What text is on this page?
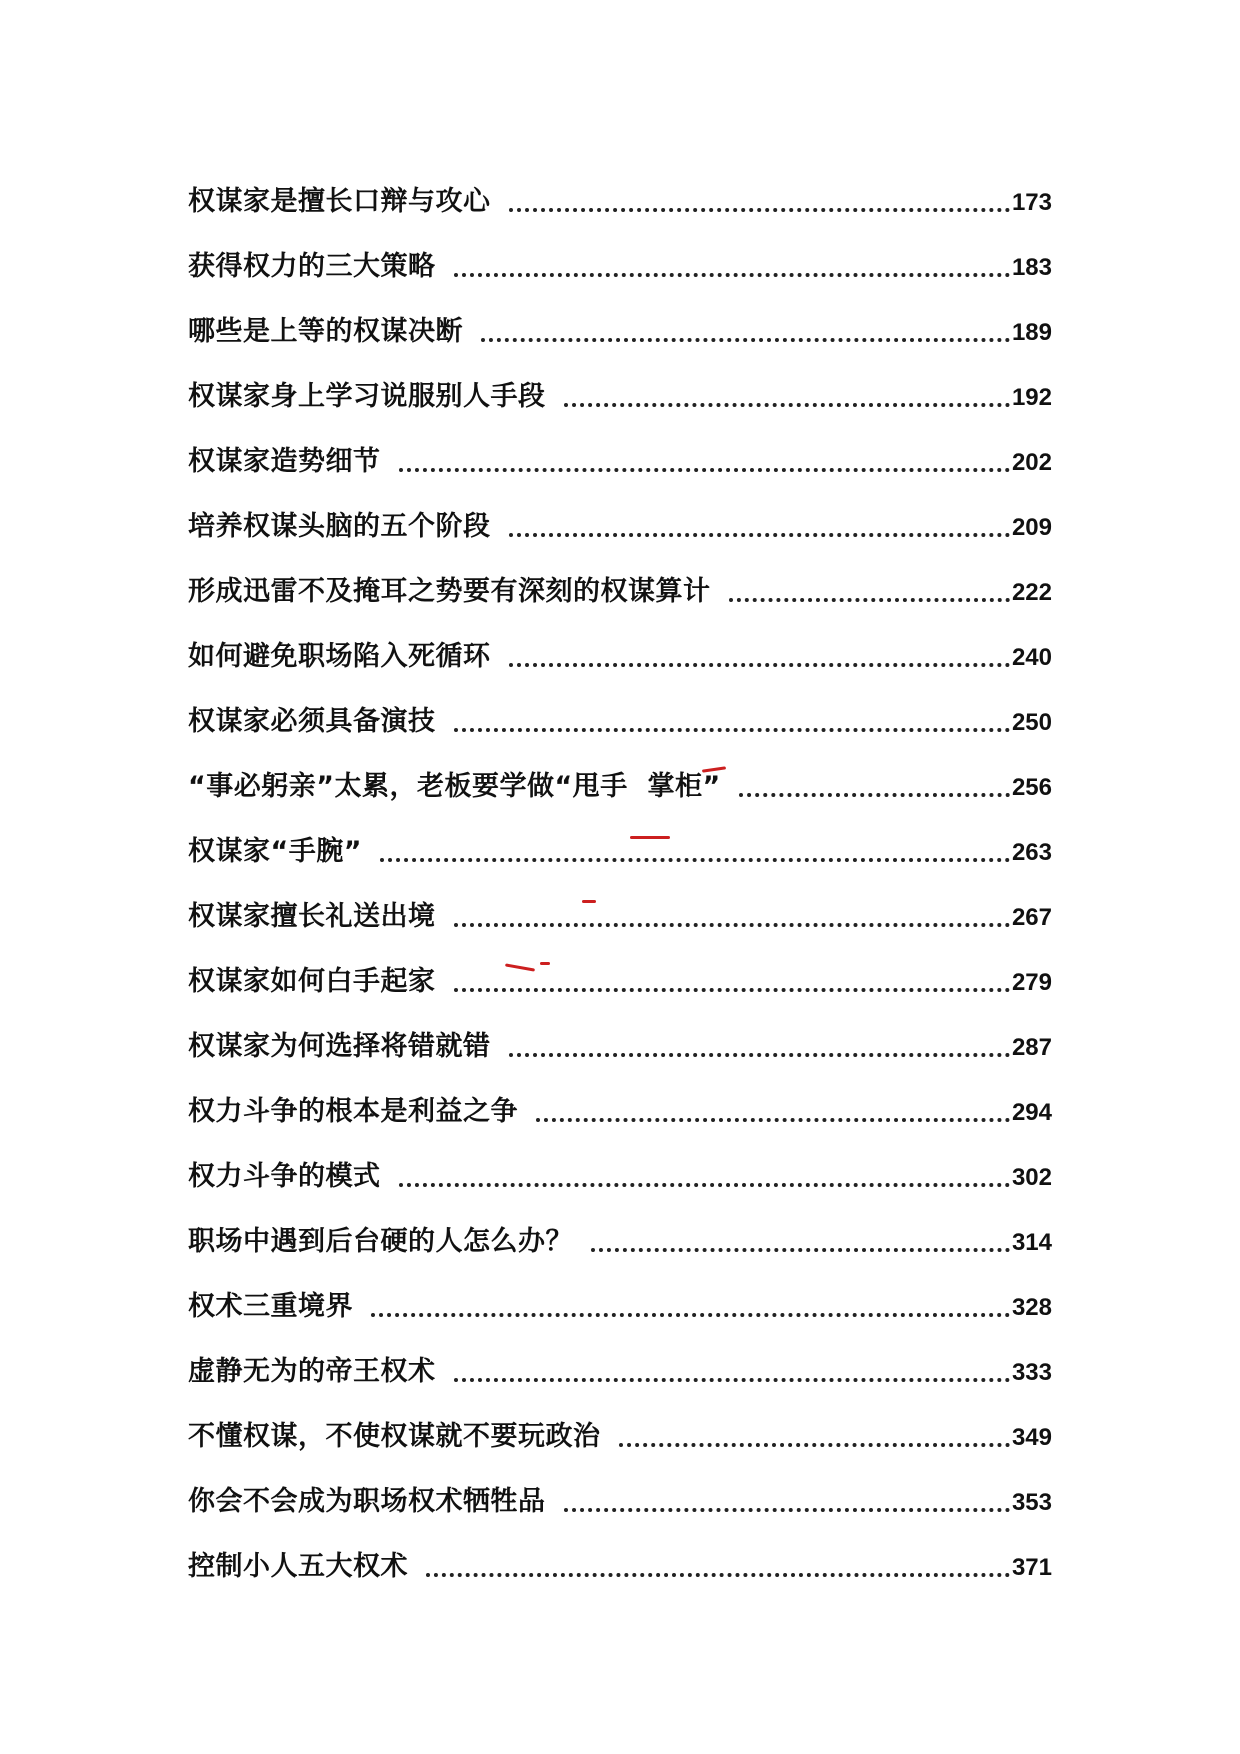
权谋家是擅长口辩与攻心	173
获得权力的三大策略	183
哪些是上等的权谋决断	189
权谋家身上学习说服别人手段	192
权谋家造势细节	202
培养权谋头脑的五个阶段	209
形成迅雷不及掩耳之势要有深刻的权谋算计	222
如何避免职场陷入死循环	240
权谋家必须具备演技	250
“事必躬亲”太累，老板要学做“甩手  掌柜”	256
权谋家“手腕”	263
权谋家擅长礼送出境	267
权谋家如何白手起家	279
权谋家为何选择将错就错	287
权力斗争的根本是利益之争	294
权力斗争的模式	302
职场中遇到后台硬的人怎么办？	314
权术三重境界	328
虚静无为的帝王权术	333
不懂权谋，不使权谋就不要玩政治	349
你会不会成为职场权术牺牲品	353
控制小人五大权术	371
